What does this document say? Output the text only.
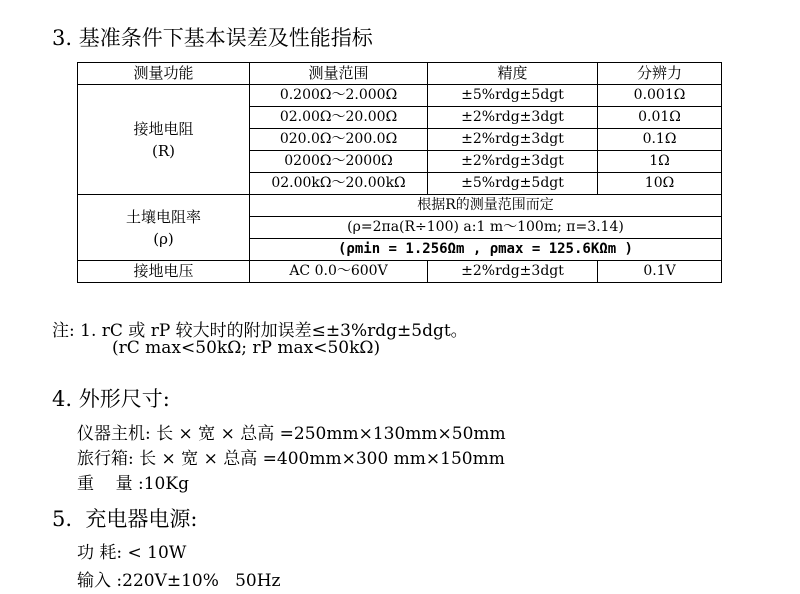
3. 基准条件下基本误差及性能指标
测量功能	测量范围	精度	分辨力

接地电阻
(R)	0.200Ω～2.000Ω	±5%rdg±5dgt	0.001Ω
	02.00Ω～20.00Ω	±2%rdg±3dgt	0.01Ω
	020.0Ω～200.0Ω	±2%rdg±3dgt	0.1Ω
	0200Ω～2000Ω	±2%rdg±3dgt	1Ω
	02.00kΩ～20.00kΩ	±5%rdg±5dgt	10Ω

土壤电阻率
(ρ)	根据R的测量范围而定		
	(ρ=2πa(R÷100) a:1 m～100m; π=3.14)		
	(ρmin = 1.256Ωm , ρmax = 125.6KΩm )		
接地电压	AC 0.0～600V	±2%rdg±3dgt	0.1V
注: 1. rC 或 rP 较大时的附加误差≤±3%rdg±5dgt。
(rC max<50kΩ; rP max<50kΩ)
4. 外形尺寸:
仪器主机: 长 × 宽 × 总高 =250mm×130mm×50mm
旅行箱: 长 × 宽 × 总高 =400mm×300 mm×150mm
重    量 :10Kg
5.  充电器电源:
功 耗: < 10W
输入 :220V±10%   50Hz
